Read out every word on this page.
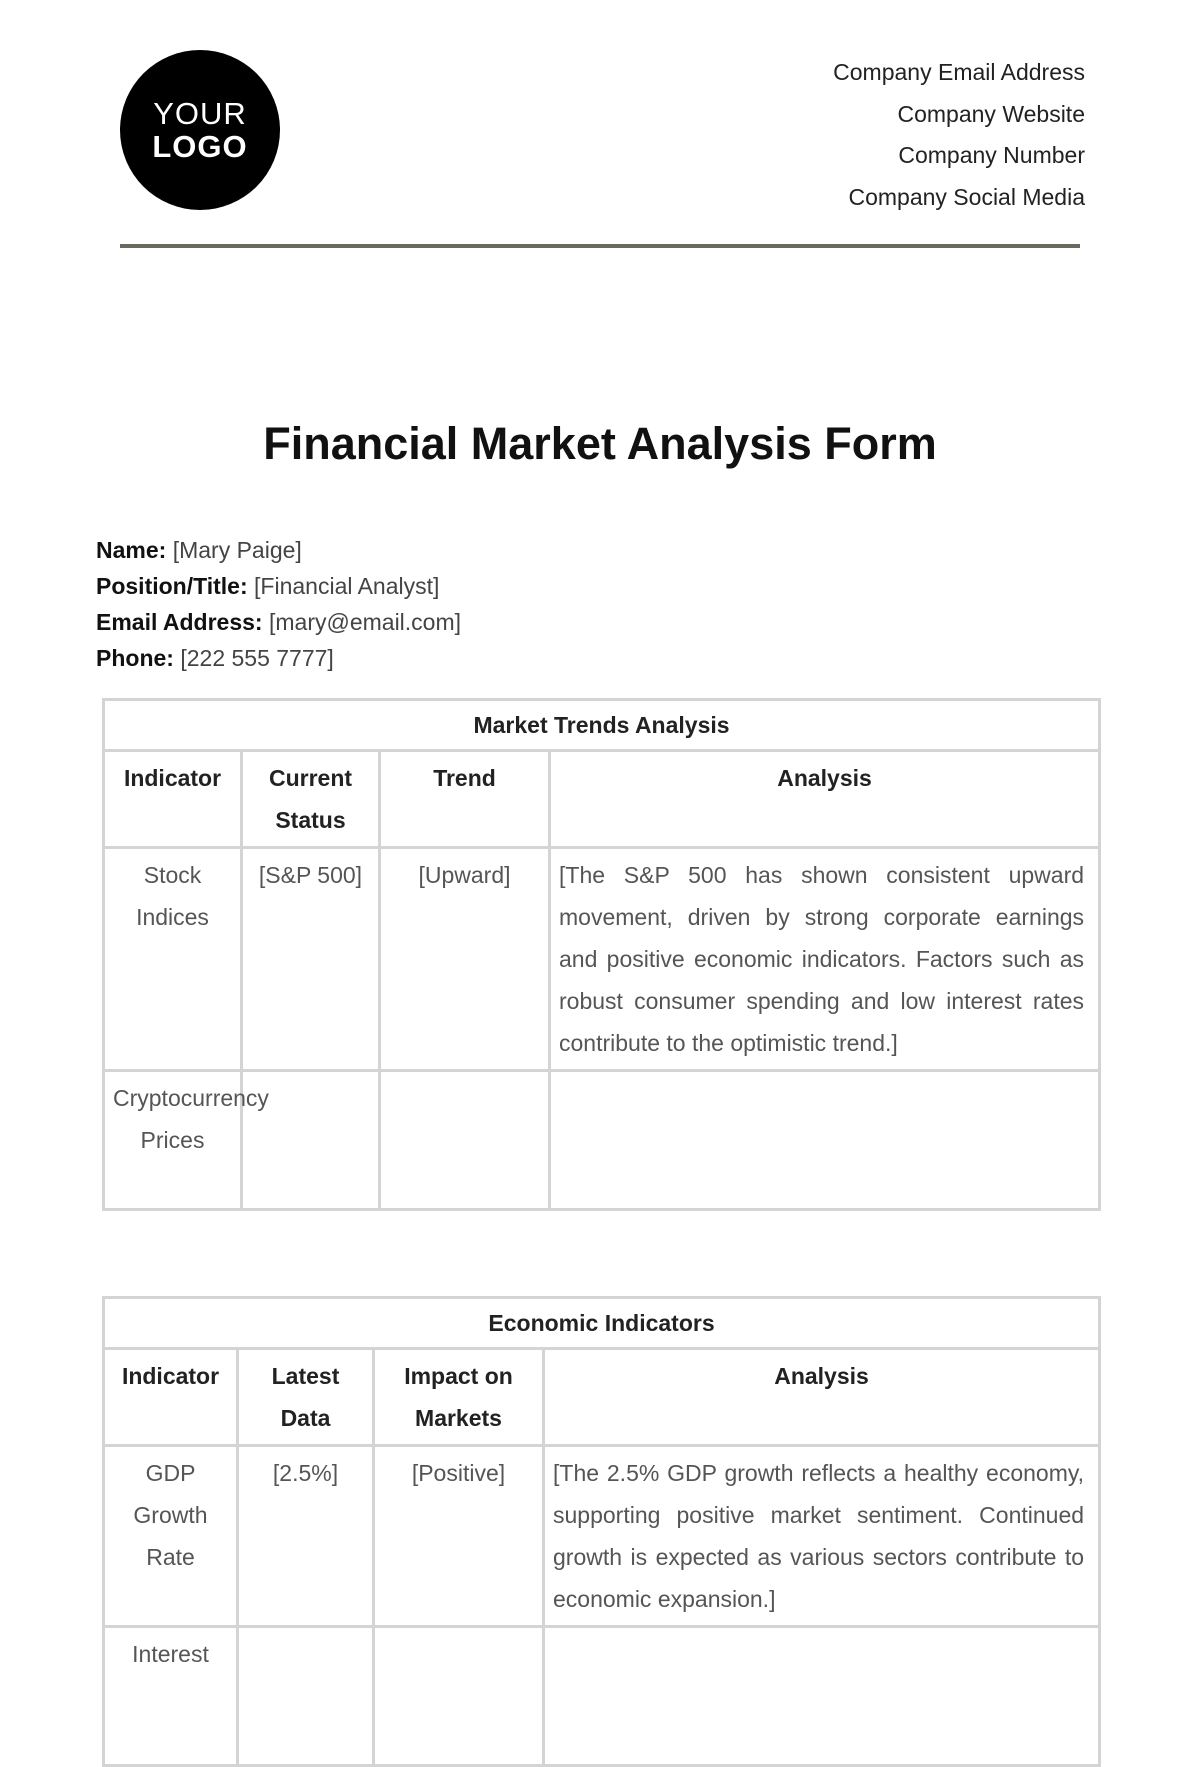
YOUR
LOGO
Company Email Address
Company Website
Company Number
Company Social Media
Financial Market Analysis Form
Name: [Mary Paige]
Position/Title: [Financial Analyst]
Email Address: [mary@email.com]
Phone: [222 555 7777]
Market Trends Analysis			
Indicator	Current Status	Trend	Analysis
Stock Indices	[S&P 500]	[Upward]	[The S&P 500 has shown consistent upward movement, driven by strong corporate earnings and positive economic indicators. Factors such as robust consumer spending and low interest rates contribute to the optimistic trend.]
Cryptocurrency Prices			
Economic Indicators			
Indicator	Latest Data	Impact on Markets	Analysis
GDP Growth Rate	[2.5%]	[Positive]	[The 2.5% GDP growth reflects a healthy economy, supporting positive market sentiment. Continued growth is expected as various sectors contribute to economic expansion.]
Interest			
